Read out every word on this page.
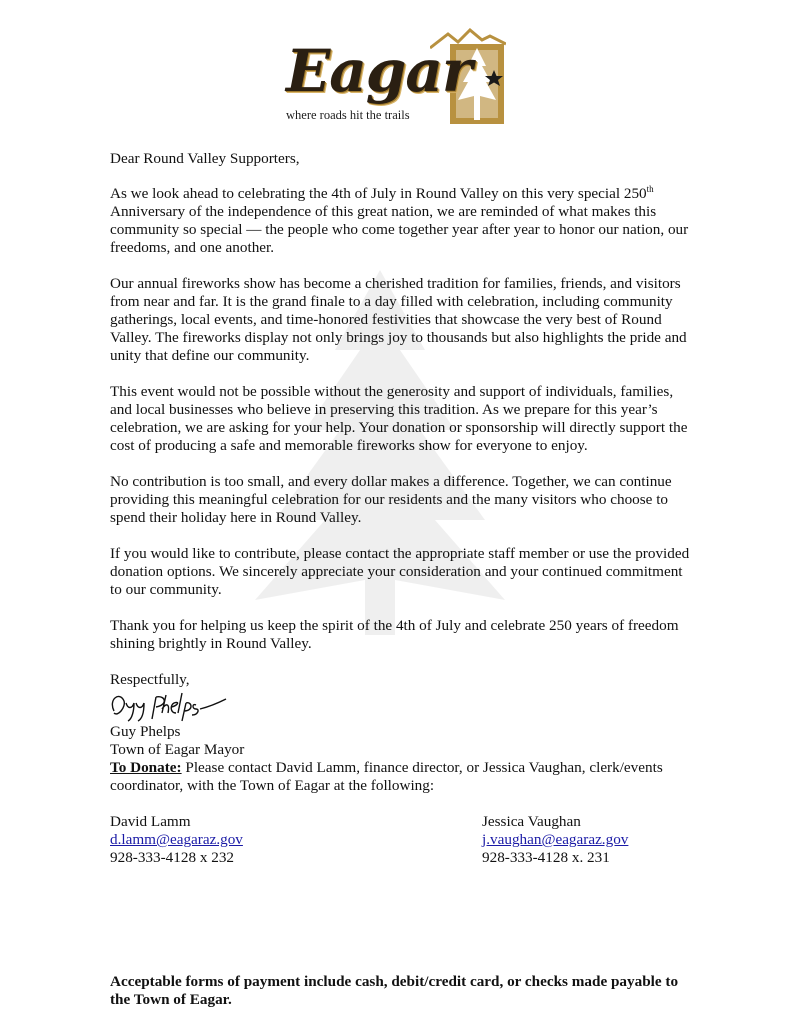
Eagar
where roads hit the trails

Dear Round Valley Supporters,

As we look ahead to celebrating the 4th of July in Round Valley on this very special 250th Anniversary of the independence of this great nation, we are reminded of what makes this community so special — the people who come together year after year to honor our nation, our freedoms, and one another.

Our annual fireworks show has become a cherished tradition for families, friends, and visitors from near and far. It is the grand finale to a day filled with celebration, including community gatherings, local events, and time-honored festivities that showcase the very best of Round Valley. The fireworks display not only brings joy to thousands but also highlights the pride and unity that define our community.

This event would not be possible without the generosity and support of individuals, families, and local businesses who believe in preserving this tradition. As we prepare for this year’s celebration, we are asking for your help. Your donation or sponsorship will directly support the cost of producing a safe and memorable fireworks show for everyone to enjoy.

No contribution is too small, and every dollar makes a difference. Together, we can continue providing this meaningful celebration for our residents and the many visitors who choose to spend their holiday here in Round Valley.

If you would like to contribute, please contact the appropriate staff member or use the provided donation options. We sincerely appreciate your consideration and your continued commitment to our community.

Thank you for helping us keep the spirit of the 4th of July and celebrate 250 years of freedom shining brightly in Round Valley.

Respectfully,

Guy Phelps

Town of Eagar Mayor

To Donate: Please contact David Lamm, finance director, or Jessica Vaughan, clerk/events coordinator, with the Town of Eagar at the following:

David Lamm
d.lamm@eagaraz.gov
928-333-4128 x 232
Jessica Vaughan
j.vaughan@eagaraz.gov
928-333-4128 x. 231

Acceptable forms of payment include cash, debit/credit card, or checks made payable to the Town of Eagar.
